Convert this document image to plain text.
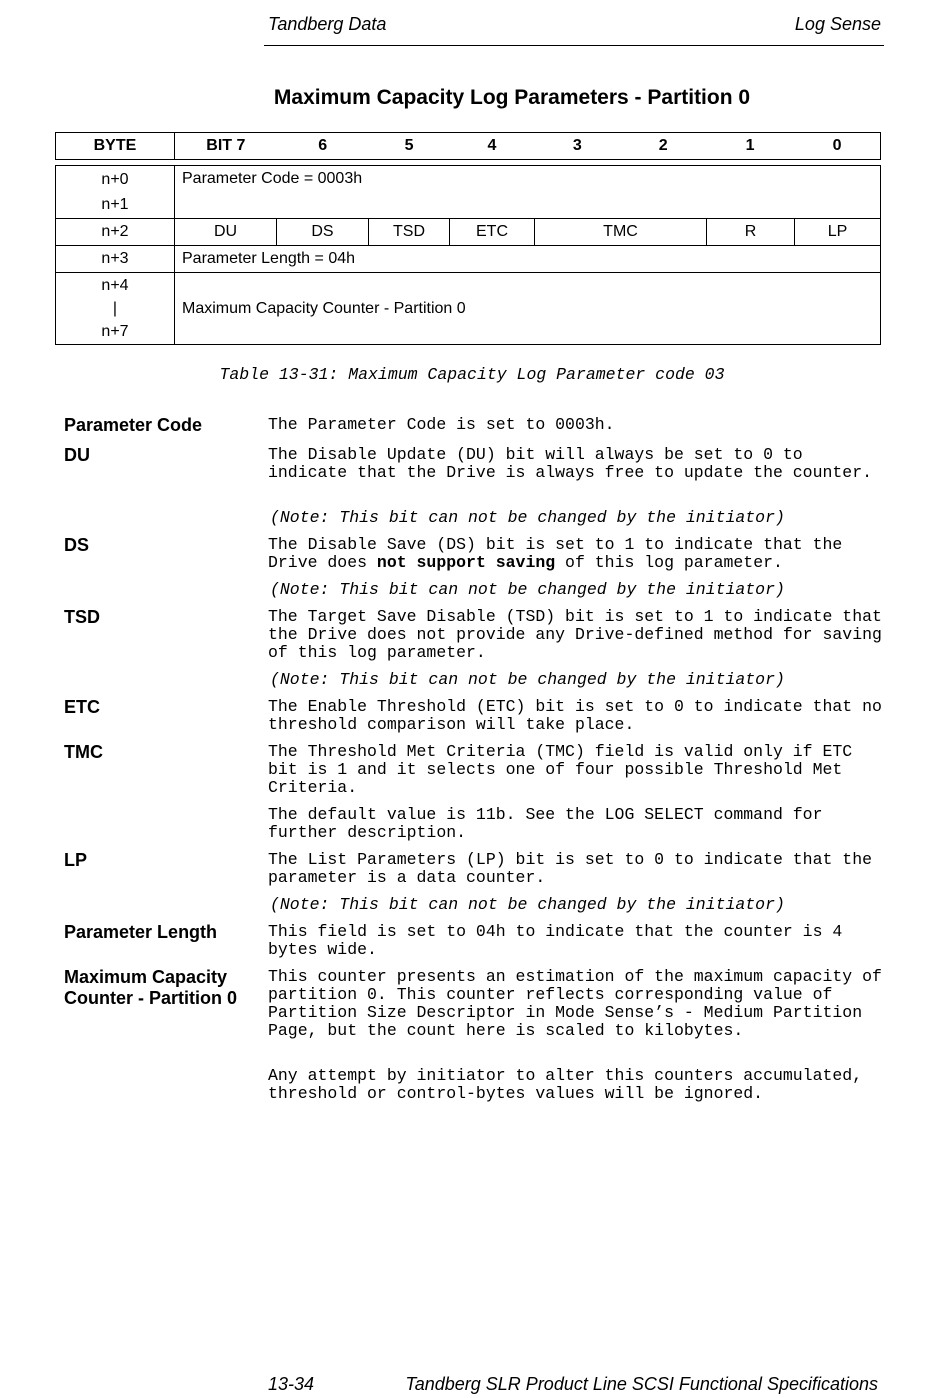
Tandberg Data	Log Sense
Maximum Capacity Log Parameters - Partition 0
BYTE	BIT 7	6	5	4	3	2	1	0
n+0	Parameter Code = 0003h						
n+1							
n+2	DU	DS	TSD	ETC	TMC	R	LP
n+3	Parameter Length = 04h						

n+4
|
n+7	Maximum Capacity Counter - Partition 0						
Table 13-31: Maximum Capacity Log Parameter code 03
Parameter Code	The Parameter Code is set to 0003h.
DU	The Disable Update (DU) bit will always be set to 0 to indicate that the Drive is always free to update the counter.
(Note: This bit can not be changed by the initiator)
DS	The Disable Save (DS) bit is set to 1 to indicate that the Drive does not support saving of this log parameter.
(Note: This bit can not be changed by the initiator)
TSD	The Target Save Disable (TSD) bit is set to 1 to indicate that the Drive does not provide any Drive-defined method for saving of this log parameter.
(Note: This bit can not be changed by the initiator)
ETC	The Enable Threshold (ETC) bit is set to 0 to indicate that no threshold comparison will take place.
TMC	The Threshold Met Criteria (TMC) field is valid only if ETC bit is 1 and it selects one of four possible Threshold Met Criteria.
The default value is 11b. See the LOG SELECT command for further description.
LP	The List Parameters (LP) bit is set to 0 to indicate that the parameter is a data counter.
(Note: This bit can not be changed by the initiator)
Parameter Length	This field is set to 04h to indicate that the counter is 4 bytes wide.
Maximum Capacity
Counter - Partition 0
This counter presents an estimation of the maximum capacity of partition 0. This counter reflects corresponding value of Partition Size Descriptor in Mode Sense’s - Medium Partition Page, but the count here is scaled to kilobytes.
Any attempt by initiator to alter this counters accumulated, threshold or control-bytes values will be ignored.
13-34	Tandberg SLR Product Line SCSI Functional Specifications
